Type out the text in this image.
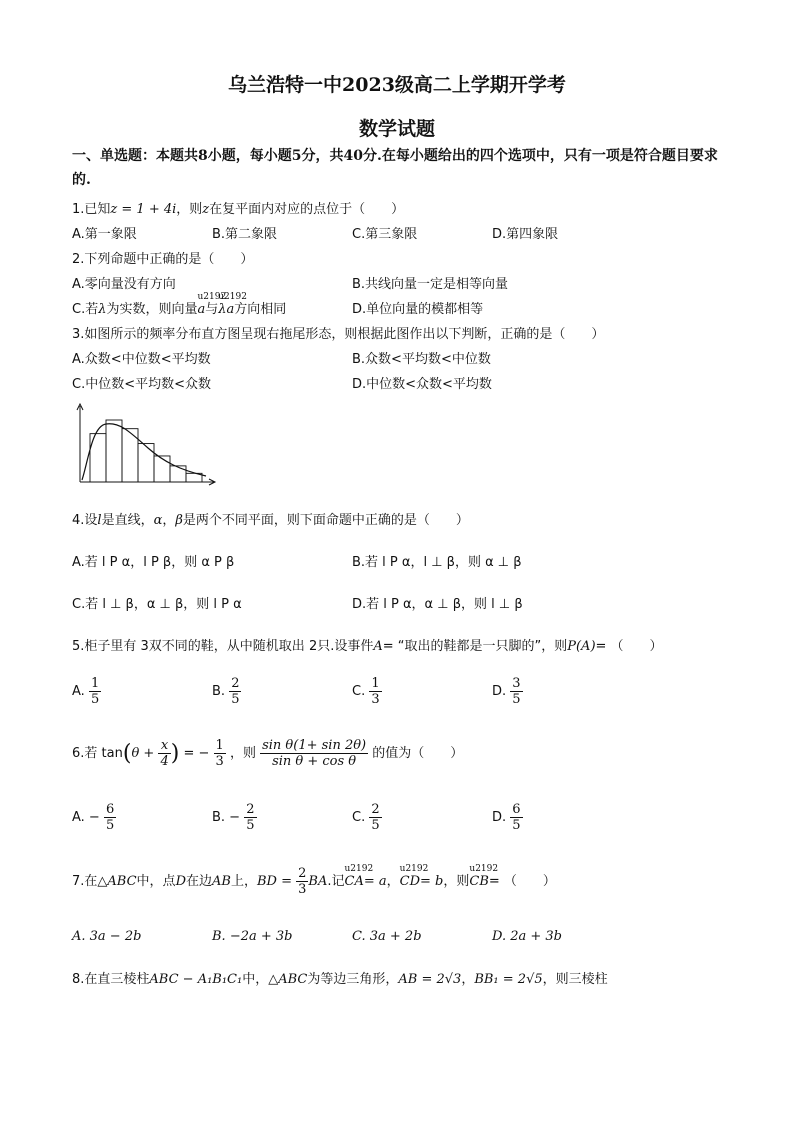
乌兰浩特一中2023级高二上学期开学考
数学试题
一、单选题：本题共8小题，每小题5分，共40分.在每小题给出的四个选项中，只有一项是符合题目要求的.
1.已知z = 1 + 4i，则z在复平面内对应的点位于（　　）
A.第一象限	B.第二象限	C.第三象限	D.第四象限
2.下列命题中正确的是（　　）
A.零向量没有方向	B.共线向量一定是相等向量
C.若λ为实数，则向量u2192 a与u2192 λa方向相同	D.单位向量的模都相等
3.如图所示的频率分布直方图呈现右拖尾形态，则根据此图作出以下判断，正确的是（　　）
A.众数<中位数<平均数	B.众数<平均数<中位数
C.中位数<平均数<众数	D.中位数<众数<平均数
4.设l是直线，α，β是两个不同平面，则下面命题中正确的是（　　）
A.若 l P α，l P β，则 α P β	B.若 l P α，l ⊥ β，则 α ⊥ β
C.若 l ⊥ β，α ⊥ β，则 l P α	D.若 l P α，α ⊥ β，则 l ⊥ β
5.柜子里有 3双不同的鞋，从中随机取出 2只.设事件A= “取出的鞋都是一只脚的”，则P(A)= （　　）
A. $\frac{1}{5}$	B. $\frac{2}{5}$	C. $\frac{1}{3}$	D. $\frac{3}{5}$
6.若 $\tan(\theta + \frac{x}{4}$ ) = − $\frac{1}{3}$ ，则 $\frac{\text{sin θ(1+ sin 2θ)}}{\text{sin θ + cos θ}}$ 的值为（　　）
A. − $\frac{6}{5}$	B. − $\frac{2}{5}$	C. $\frac{2}{5}$	D. $\frac{6}{5}$
7.在△ABC中，点D在边AB上，BD = $\frac{2}{3}$ BA.记u2192 CA= a，u2192 CD= b，则u2192 CB= （　　）
A. 3a − 2b	B. −2a + 3b	C. 3a + 2b	D. 2a + 3b
8.在直三棱柱ABC − A₁B₁C₁中，△ABC为等边三角形，AB = 2√3，BB₁ = 2√5，则三棱柱
